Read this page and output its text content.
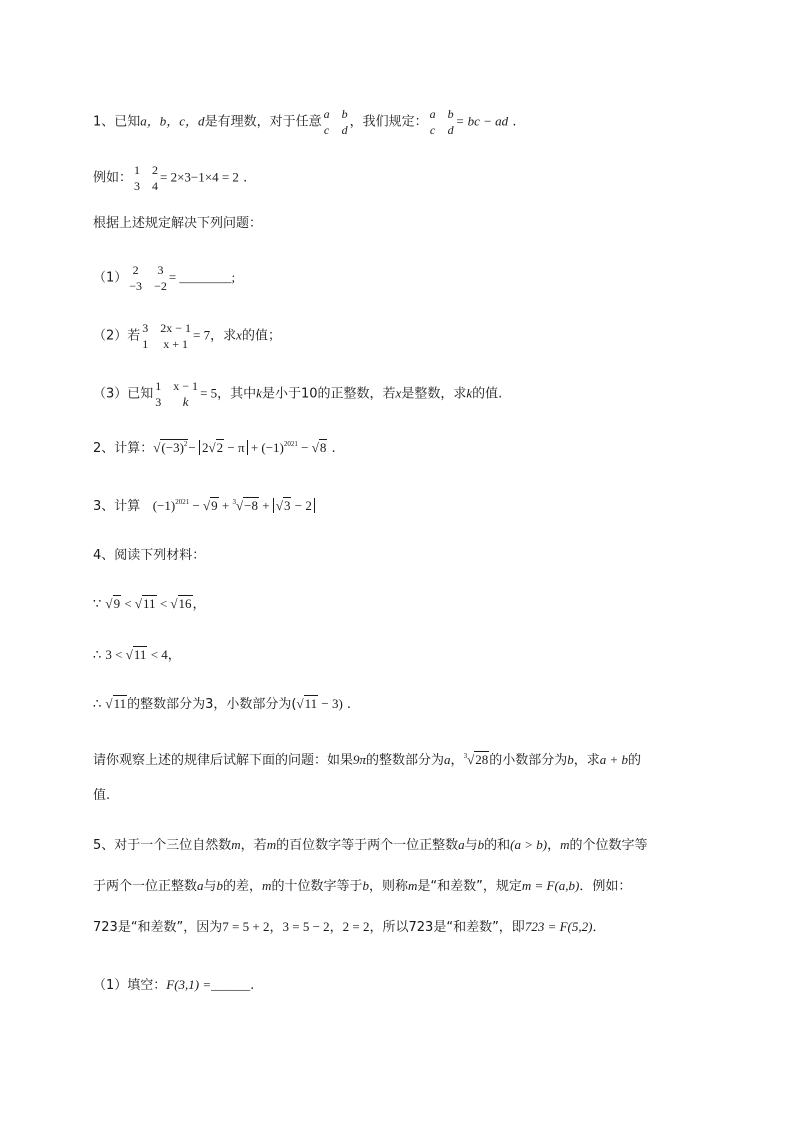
1、已知a，b，c，d是有理数，对于任意
a b
c d
，我们规定：
a b
c d
= bc − ad .
例如：
1 2
3 4
= 2×3−1×4 = 2 .
根据上述规定解决下列问题：
（1）
2 3
−3 −2
= ________;
（2）若
3 2x − 1
1 x + 1
= 7，求x的值；
（3）已知
1 x − 1
3	k
= 5，其中k是小于10的正整数，若x是整数，求k的值.
2、计算：$√(-3)^2- 2√2 - \pi + (-1)^{2021} - √8$ .
3、计算 $(-1)^{2021} - √9 + ^3√-8 + √3 - 2$
4、阅读下列材料：
∵ √9 < √11 < √16，
∴ 3 < √11 < 4，
∴ √11的整数部分为3，小数部分为(√11 − 3) .
请你观察上述的规律后试解下面的问题：如果9π的整数部分为a，$^3$√28的小数部分为b，求a + b的
值.
5、对于一个三位自然数m，若m的百位数字等于两个一位正整数a与b的和(a > b)，m的个位数字等
于两个一位正整数a与b的差，m的十位数字等于b，则称m是“和差数”，规定m = F(a,b)．例如：
723是“和差数”，因为7 = 5 + 2，3 = 5 − 2，2 = 2，所以723是“和差数”，即723 = F(5,2)．
（1）填空：F(3,1) =______.
